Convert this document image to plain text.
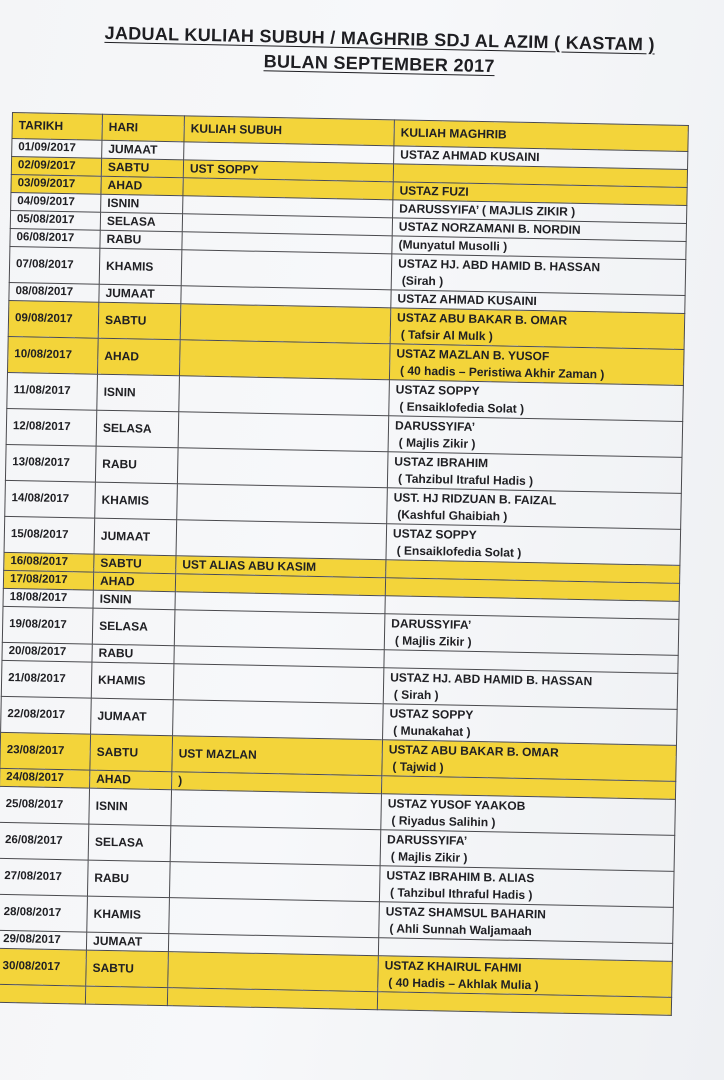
JADUAL KULIAH SUBUH / MAGHRIB SDJ AL AZIM ( KASTAM )
BULAN SEPTEMBER 2017
TARIKH	HARI	KULIAH SUBUH	KULIAH MAGHRIB
01/09/2017	JUMAAT		USTAZ AHMAD KUSAINI

02/09/2017	SABTU	UST SOPPY	

03/09/2017	AHAD		USTAZ FUZI

04/09/2017	ISNIN		DARUSSYIFA’ ( MAJLIS ZIKIR )

05/08/2017	SELASA		USTAZ NORZAMANI B. NORDIN

06/08/2017	RABU		(Munyatul Musolli )

07/08/2017	KHAMIS		USTAZ HJ. ABD HAMID B. HASSAN
(Sirah )

08/08/2017	JUMAAT		USTAZ AHMAD KUSAINI

09/08/2017	SABTU		USTAZ ABU BAKAR B. OMAR
( Tafsir Al Mulk )

10/08/2017	AHAD		USTAZ MAZLAN B. YUSOF
( 40 hadis – Peristiwa Akhir Zaman )

11/08/2017	ISNIN		USTAZ SOPPY
( Ensaiklofedia Solat )

12/08/2017	SELASA		DARUSSYIFA’
( Majlis Zikir )

13/08/2017	RABU		USTAZ IBRAHIM
( Tahzibul Itraful Hadis )

14/08/2017	KHAMIS		UST. HJ RIDZUAN B. FAIZAL
(Kashful Ghaibiah )

15/08/2017	JUMAAT		USTAZ SOPPY
( Ensaiklofedia Solat )

16/08/2017	SABTU	UST ALIAS ABU KASIM	

17/08/2017	AHAD		

18/08/2017	ISNIN		

19/08/2017	SELASA		DARUSSYIFA’
( Majlis Zikir )

20/08/2017	RABU		

21/08/2017	KHAMIS		USTAZ HJ. ABD HAMID B. HASSAN
( Sirah )

22/08/2017	JUMAAT		USTAZ SOPPY
( Munakahat )

23/08/2017	SABTU	UST MAZLAN	USTAZ ABU BAKAR B. OMAR
( Tajwid )

24/08/2017	AHAD	)	

25/08/2017	ISNIN		USTAZ YUSOF YAAKOB
( Riyadus Salihin )

26/08/2017	SELASA		DARUSSYIFA’
( Majlis Zikir )

27/08/2017	RABU		USTAZ IBRAHIM B. ALIAS
( Tahzibul Ithraful Hadis )

28/08/2017	KHAMIS		USTAZ SHAMSUL BAHARIN
( Ahli Sunnah Waljamaah

29/08/2017	JUMAAT		

30/08/2017	SABTU		USTAZ KHAIRUL FAHMI
( 40 Hadis – Akhlak Mulia )
